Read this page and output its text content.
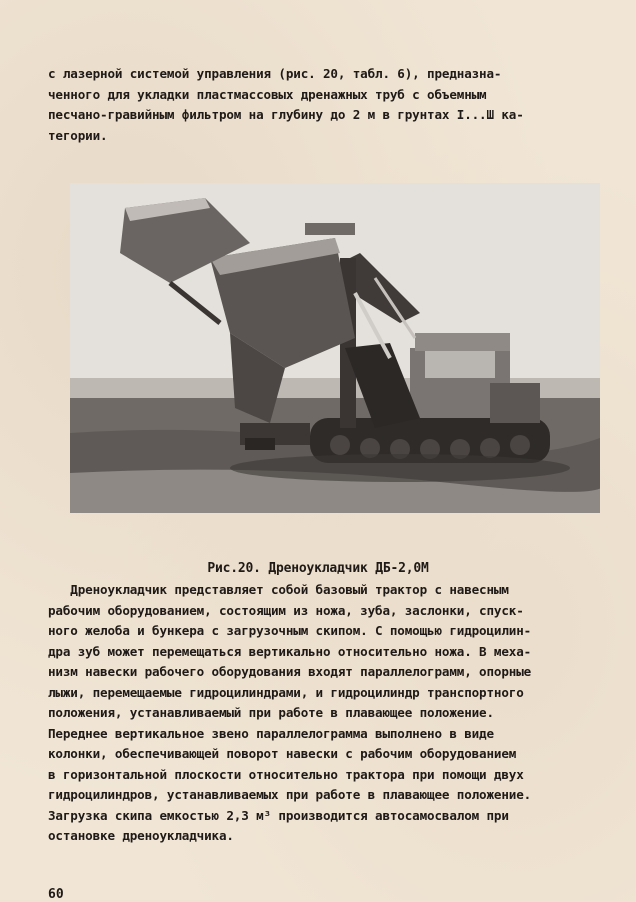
с лазерной системой управления (рис. 20, табл. 6), предназна-
ченного для укладки пластмассовых дренажных труб с объемным
песчано-гравийным фильтром на глубину до 2 м в грунтах I...Ш ка-
тегории.

Рис.20. Дреноукладчик ДБ-2,0М

Дреноукладчик представляет собой базовый трактор с навесным
рабочим оборудованием, состоящим из ножа, зуба, заслонки, спуск-
ного желоба и бункера с загрузочным скипом. С помощью гидроцилин-
дра зуб может перемещаться вертикально относительно ножа. В меха-
низм навески рабочего оборудования входят параллелограмм, опорные
лыжи, перемещаемые гидроцилиндрами, и гидроцилиндр транспортного
положения, устанавливаемый при работе в плавающее положение.
Переднее вертикальное звено параллелограмма выполнено в виде
колонки, обеспечивающей поворот навески с рабочим оборудованием
в горизонтальной плоскости относительно трактора при помощи двух
гидроцилиндров, устанавливаемых при работе в плавающее положение.
Загрузка скипа емкостью 2,3 м³ производится автосамосвалом при
остановке дреноукладчика.

60
